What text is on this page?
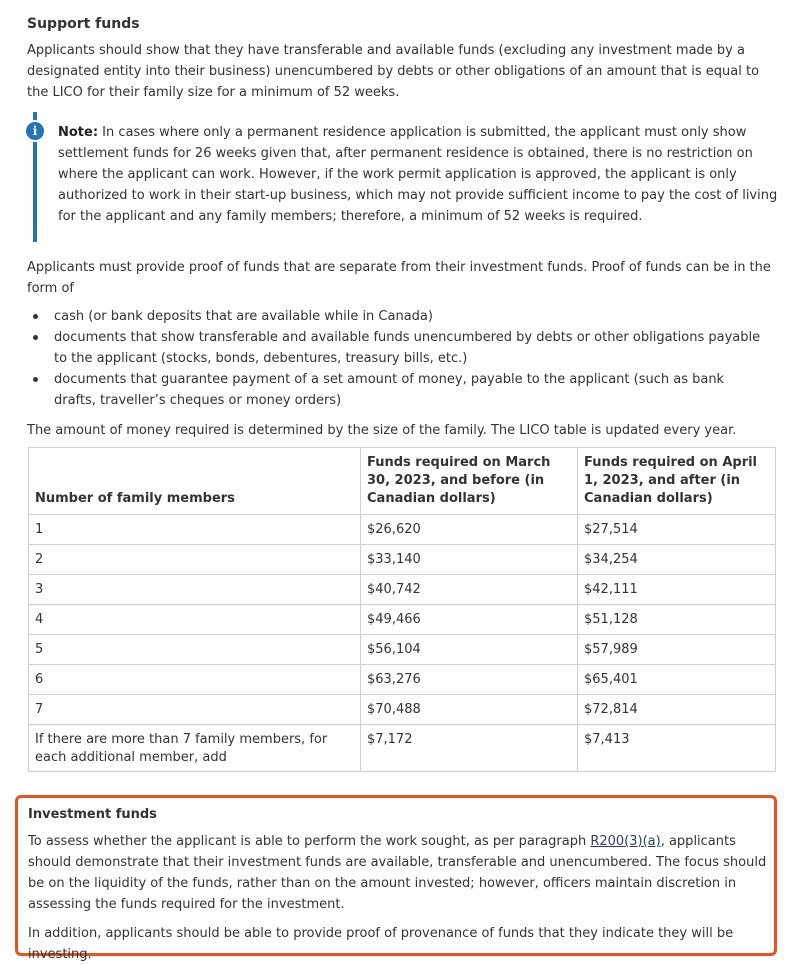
Support funds

Applicants should show that they have transferable and available funds (excluding any investment made by a designated entity into their business) unencumbered by debts or other obligations of an amount that is equal to the LICO for their family size for a minimum of 52 weeks.

i	Note: In cases where only a permanent residence application is submitted, the applicant must only show settlement funds for 26 weeks given that, after permanent residence is obtained, there is no restriction on where the applicant can work. However, if the work permit application is approved, the applicant is only authorized to work in their start-up business, which may not provide sufficient income to pay the cost of living for the applicant and any family members; therefore, a minimum of 52 weeks is required.

Applicants must provide proof of funds that are separate from their investment funds. Proof of funds can be in the form of

cash (or bank deposits that are available while in Canada)
documents that show transferable and available funds unencumbered by debts or other obligations payable to the applicant (stocks, bonds, debentures, treasury bills, etc.)
documents that guarantee payment of a set amount of money, payable to the applicant (such as bank drafts, traveller’s cheques or money orders)

The amount of money required is determined by the size of the family. The LICO table is updated every year.

Number of family members	Funds required on March 30, 2023, and before (in Canadian dollars)	Funds required on April 1, 2023, and after (in Canadian dollars)
1	$26,620	$27,514
2	$33,140	$34,254
3	$40,742	$42,111
4	$49,466	$51,128
5	$56,104	$57,989
6	$63,276	$65,401
7	$70,488	$72,814
If there are more than 7 family members, for each additional member, add	$7,172	$7,413
Investment funds

To assess whether the applicant is able to perform the work sought, as per paragraph R200(3)(a), applicants should demonstrate that their investment funds are available, transferable and unencumbered. The focus should be on the liquidity of the funds, rather than on the amount invested; however, officers maintain discretion in assessing the funds required for the investment.

In addition, applicants should be able to provide proof of provenance of funds that they indicate they will be investing.
